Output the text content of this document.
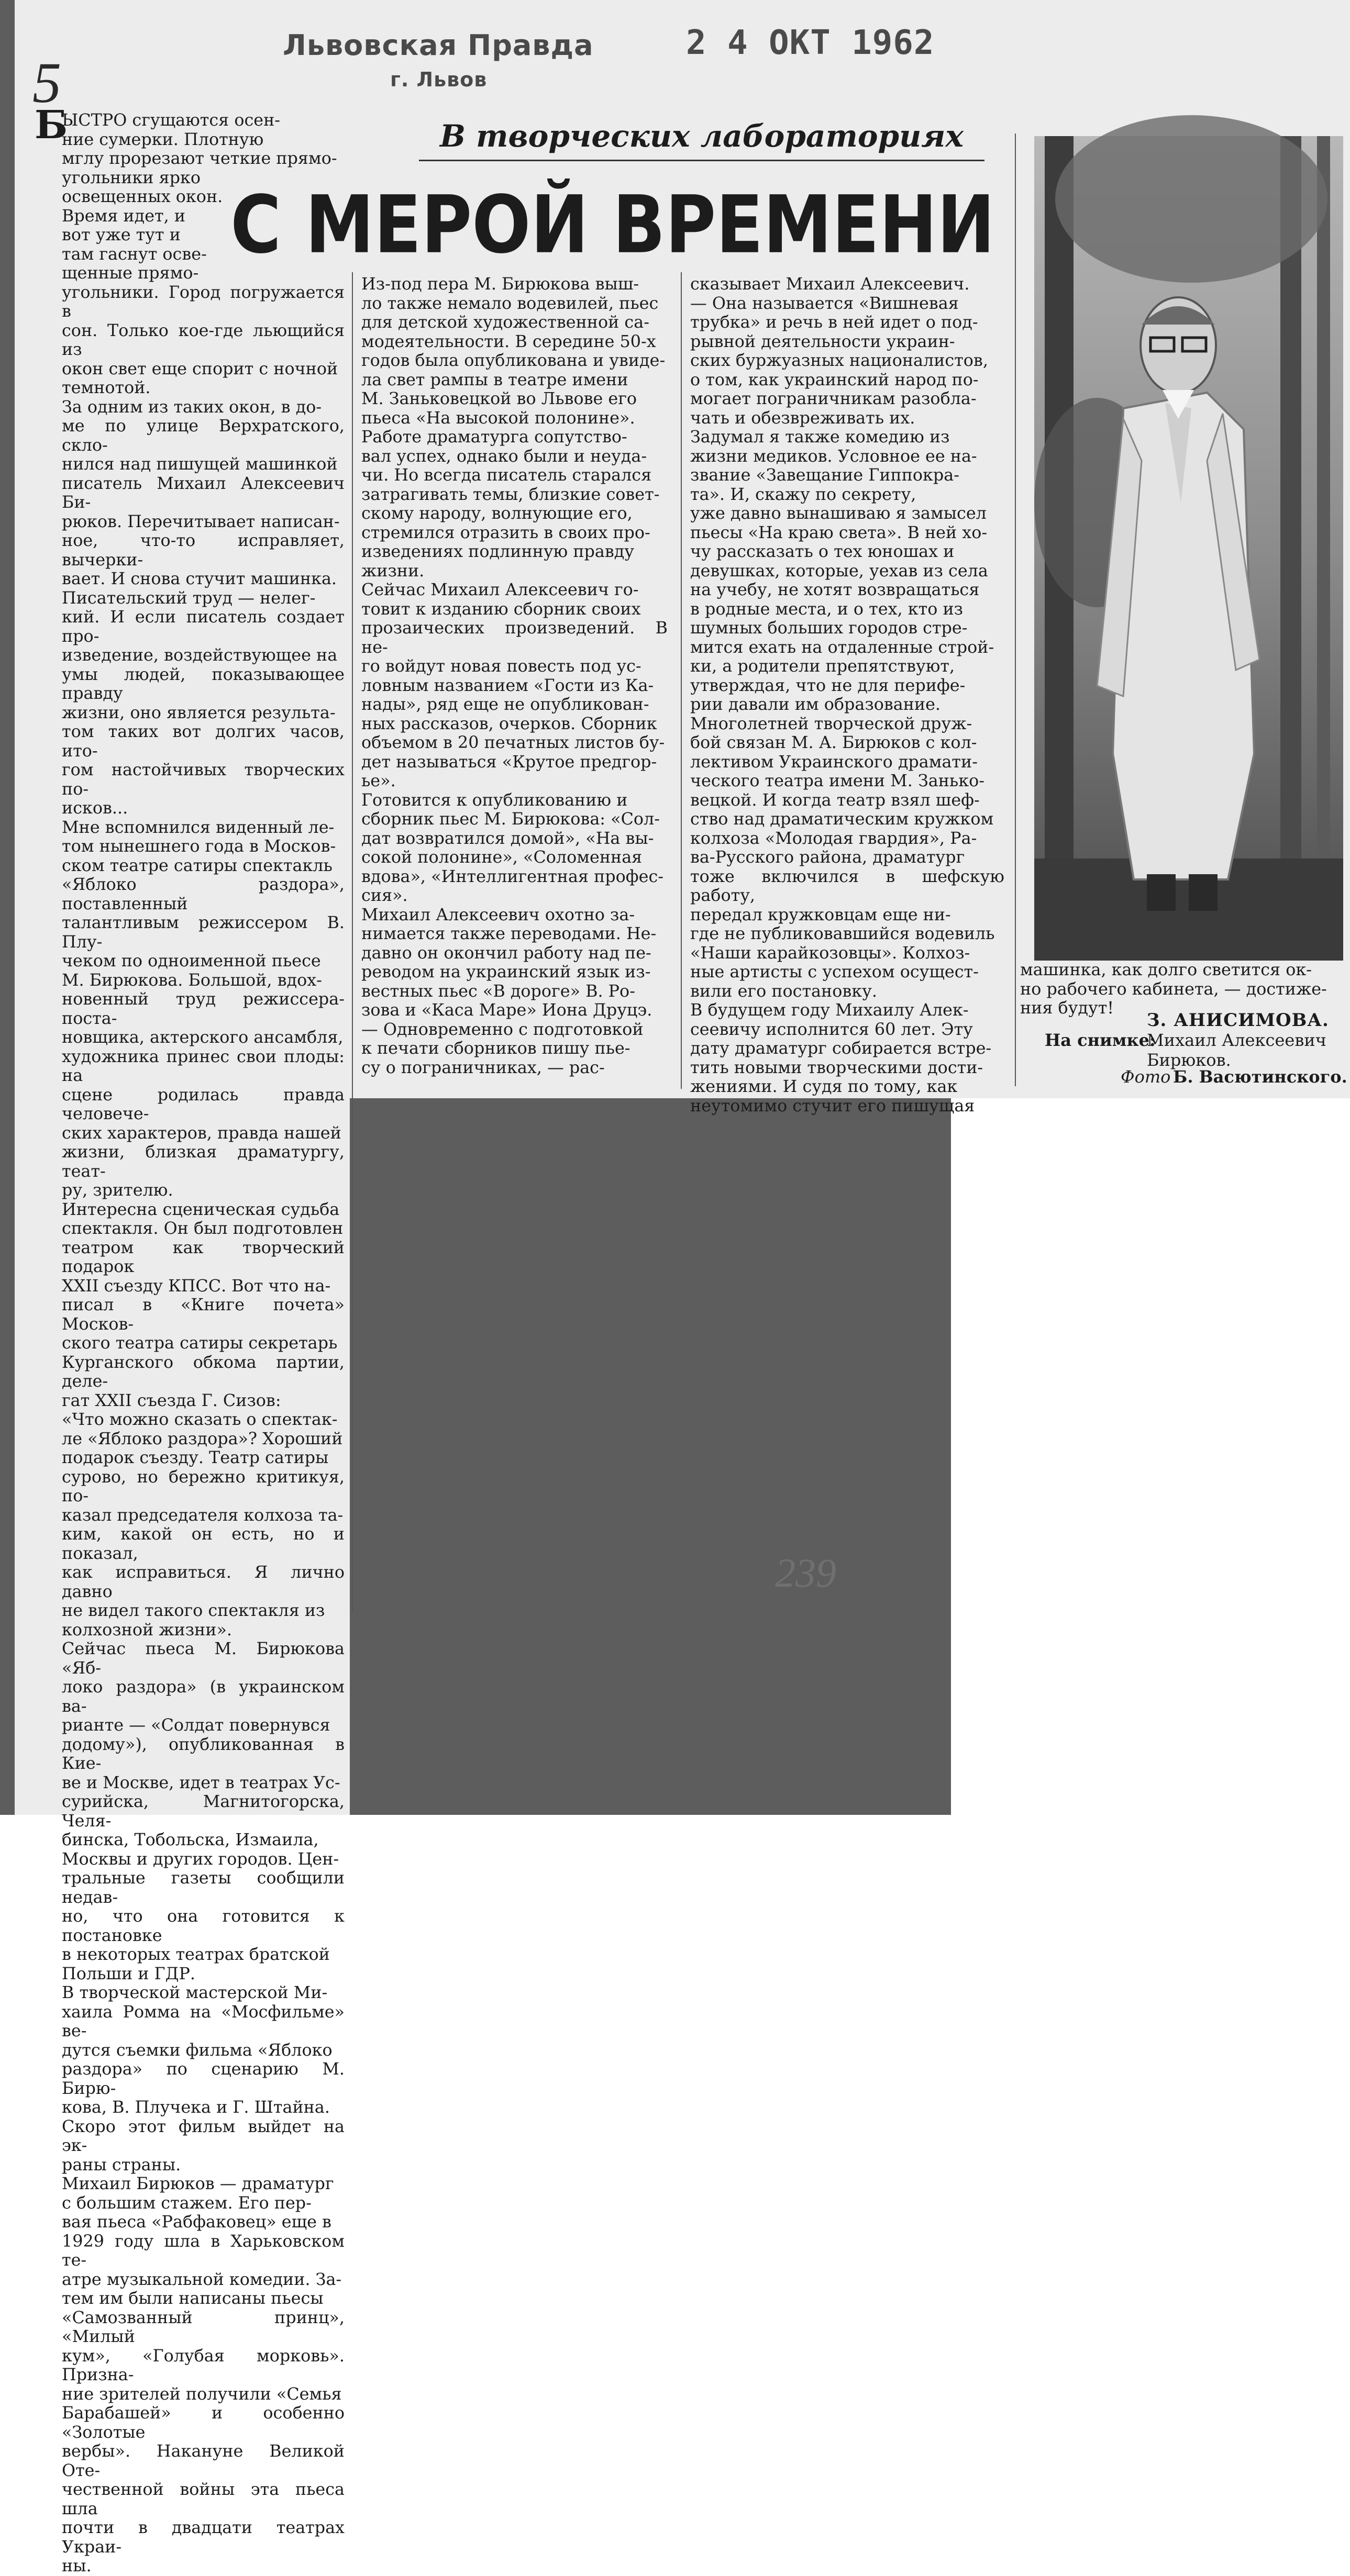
Львовская Правда
г. Львов
2 4 ОКТ 1962
5
239
В творческих лабораториях
С МЕРОЙ ВРЕМЕНИ
Б
ЫСТРО сгущаются осен-
ние сумерки. Плотную
мглу прорезают четкие прямо-
угольники ярко
освещенных окон.
Время идет, и
вот уже тут и
там гаснут осве-
щенные прямо-
угольники. Город погружается в
сон. Только кое-где льющийся из
окон свет еще спорит с ночной
темнотой.
За одним из таких окон, в до-
ме по улице Верхратского, скло-
нился над пишущей машинкой
писатель Михаил Алексеевич Би-
рюков. Перечитывает написан-
ное, что-то исправляет, вычерки-
вает. И снова стучит машинка.
Писательский труд — нелег-
кий. И если писатель создает про-
изведение, воздействующее на
умы людей, показывающее правду
жизни, оно является результа-
том таких вот долгих часов, ито-
гом настойчивых творческих по-
исков...
Мне вспомнился виденный ле-
том нынешнего года в Москов-
ском театре сатиры спектакль
«Яблоко раздора», поставленный
талантливым режиссером В. Плу-
чеком по одноименной пьесе
М. Бирюкова. Большой, вдох-
новенный труд режиссера-поста-
новщика, актерского ансамбля,
художника принес свои плоды: на
сцене родилась правда человече-
ских характеров, правда нашей
жизни, близкая драматургу, теат-
ру, зрителю.
Интересна сценическая судьба
спектакля. Он был подготовлен
театром как творческий подарок
XXII съезду КПСС. Вот что на-
писал в «Книге почета» Москов-
ского театра сатиры секретарь
Курганского обкома партии, деле-
гат XXII съезда Г. Сизов:
«Что можно сказать о спектак-
ле «Яблоко раздора»? Хороший
подарок съезду. Театр сатиры
сурово, но бережно критикуя, по-
казал председателя колхоза та-
ким, какой он есть, но и показал,
как исправиться. Я лично давно
не видел такого спектакля из
колхозной жизни».
Сейчас пьеса М. Бирюкова «Яб-
локо раздора» (в украинском ва-
рианте — «Солдат повернувся
додому»), опубликованная в Кие-
ве и Москве, идет в театрах Ус-
сурийска, Магнитогорска, Челя-
бинска, Тобольска, Измаила,
Москвы и других городов. Цен-
тральные газеты сообщили недав-
но, что она готовится к постановке
в некоторых театрах братской
Польши и ГДР.
В творческой мастерской Ми-
хаила Ромма на «Мосфильме» ве-
дутся съемки фильма «Яблоко
раздора» по сценарию М. Бирю-
кова, В. Плучека и Г. Штайна.
Скоро этот фильм выйдет на эк-
раны страны.
Михаил Бирюков — драматург
с большим стажем. Его пер-
вая пьеса «Рабфаковец» еще в
1929 году шла в Харьковском те-
атре музыкальной комедии. За-
тем им были написаны пьесы
«Самозванный принц», «Милый
кум», «Голубая морковь». Призна-
ние зрителей получили «Семья
Барабашей» и особенно «Золотые
вербы». Накануне Великой Оте-
чественной войны эта пьеса шла
почти в двадцати театрах Украи-
ны.
Из-под пера М. Бирюкова выш-
ло также немало водевилей, пьес
для детской художественной са-
модеятельности. В середине 50-х
годов была опубликована и увиде-
ла свет рампы в театре имени
М. Заньковецкой во Львове его
пьеса «На высокой полонине».
Работе драматурга сопутство-
вал успех, однако были и неуда-
чи. Но всегда писатель старался
затрагивать темы, близкие совет-
скому народу, волнующие его,
стремился отразить в своих про-
изведениях подлинную правду
жизни.
Сейчас Михаил Алексеевич го-
товит к изданию сборник своих
прозаических произведений. В не-
го войдут новая повесть под ус-
ловным названием «Гости из Ка-
нады», ряд еще не опубликован-
ных рассказов, очерков. Сборник
объемом в 20 печатных листов бу-
дет называться «Крутое предгор-
ье».
Готовится к опубликованию и
сборник пьес М. Бирюкова: «Сол-
дат возвратился домой», «На вы-
сокой полонине», «Соломенная
вдова», «Интеллигентная профес-
сия».
Михаил Алексеевич охотно за-
нимается также переводами. Не-
давно он окончил работу над пе-
реводом на украинский язык из-
вестных пьес «В дороге» В. Ро-
зова и «Каса Маре» Иона Друцэ.
— Одновременно с подготовкой
к печати сборников пишу пье-
су о пограничниках, — рас-
сказывает Михаил Алексеевич.
— Она называется «Вишневая
трубка» и речь в ней идет о под-
рывной деятельности украин-
ских буржуазных националистов,
о том, как украинский народ по-
могает пограничникам разобла-
чать и обезвреживать их.
Задумал я также комедию из
жизни медиков. Условное ее на-
звание «Завещание Гиппокра-
та». И, скажу по секрету,
уже давно вынашиваю я замысел
пьесы «На краю света». В ней хо-
чу рассказать о тех юношах и
девушках, которые, уехав из села
на учебу, не хотят возвращаться
в родные места, и о тех, кто из
шумных больших городов стре-
мится ехать на отдаленные строй-
ки, а родители препятствуют,
утверждая, что не для перифе-
рии давали им образование.
Многолетней творческой друж-
бой связан М. А. Бирюков с кол-
лективом Украинского драмати-
ческого театра имени М. Занько-
вецкой. И когда театр взял шеф-
ство над драматическим кружком
колхоза «Молодая гвардия», Ра-
ва-Русского района, драматург
тоже включился в шефскую работу,
передал кружковцам еще ни-
где не публиковавшийся водевиль
«Наши карайкозовцы». Колхоз-
ные артисты с успехом осущест-
вили его постановку.
В будущем году Михаилу Алек-
сеевичу исполнится 60 лет. Эту
дату драматург собирается встре-
тить новыми творческими дости-
жениями. И судя по тому, как
неутомимо стучит его пишущая
машинка, как долго светится ок-
но рабочего кабинета, — достиже-
ния будут!
З. АНИСИМОВА.
На снимке:
Михаил Алексеевич
Бирюков.
Фото Б. Васютинского.
